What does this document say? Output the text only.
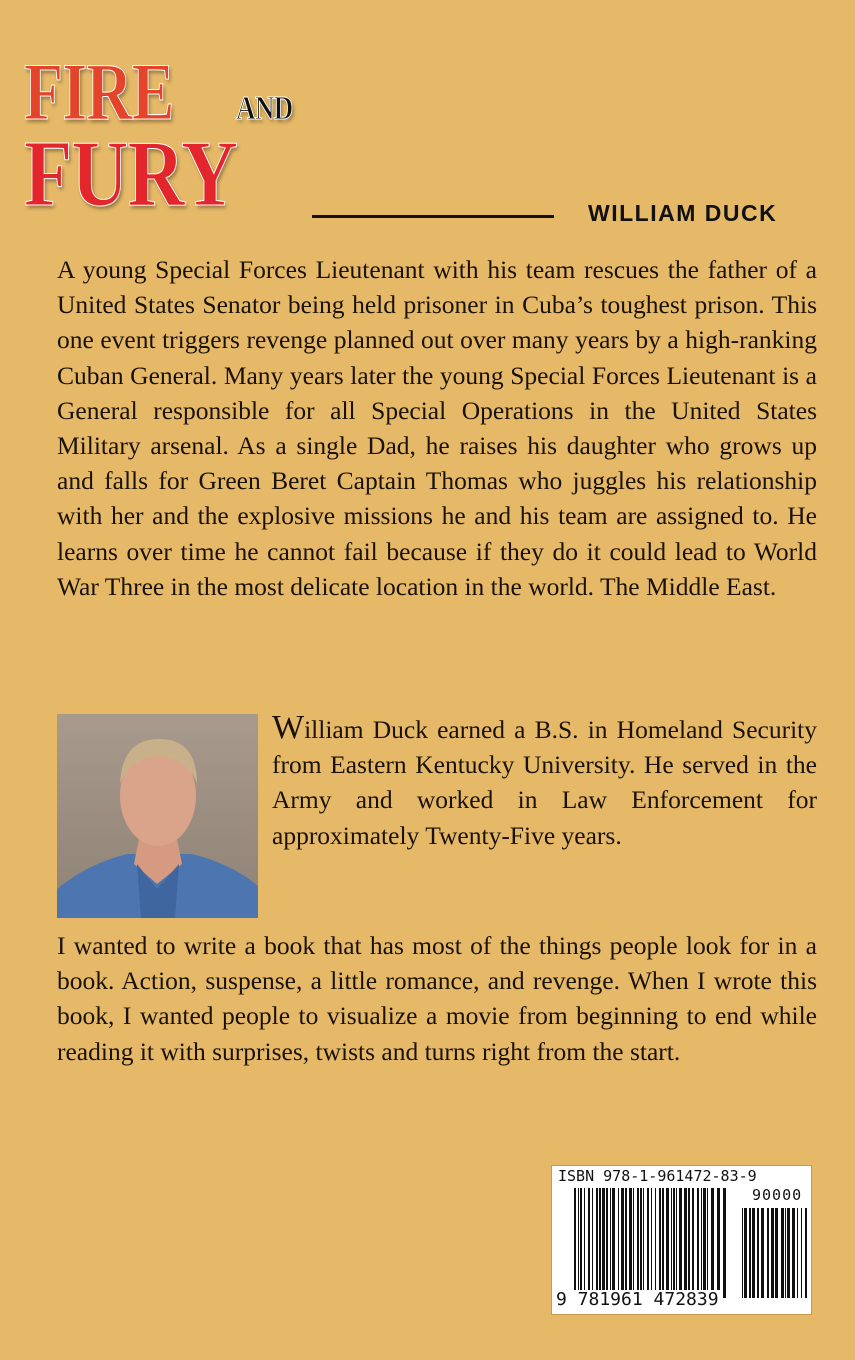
FIRE AND
FURY	WILLIAM DUCK

A young Special Forces Lieutenant with his team rescues the father of a United States Senator being held prisoner in Cuba’s toughest prison. This one event triggers revenge planned out over many years by a high-ranking Cuban General. Many years later the young Special Forces Lieutenant is a General responsible for all Special Operations in the United States Military arsenal. As a single Dad, he raises his daughter who grows up and falls for Green Beret Captain Thomas who juggles his relationship with her and the explosive missions he and his team are assigned to. He learns over time he cannot fail because if they do it could lead to World War Three in the most delicate location in the world. The Middle East.

William Duck earned a B.S. in Homeland Security from Eastern Kentucky University. He served in the Army and worked in Law Enforcement for approximately Twenty-Five years.

I wanted to write a book that has most of the things people look for in a book. Action, suspense, a little romance, and revenge. When I wrote this book, I wanted people to visualize a movie from beginning to end while reading it with surprises, twists and turns right from the start.

ISBN 978-1-961472-83-9
90000
9 781961 472839
